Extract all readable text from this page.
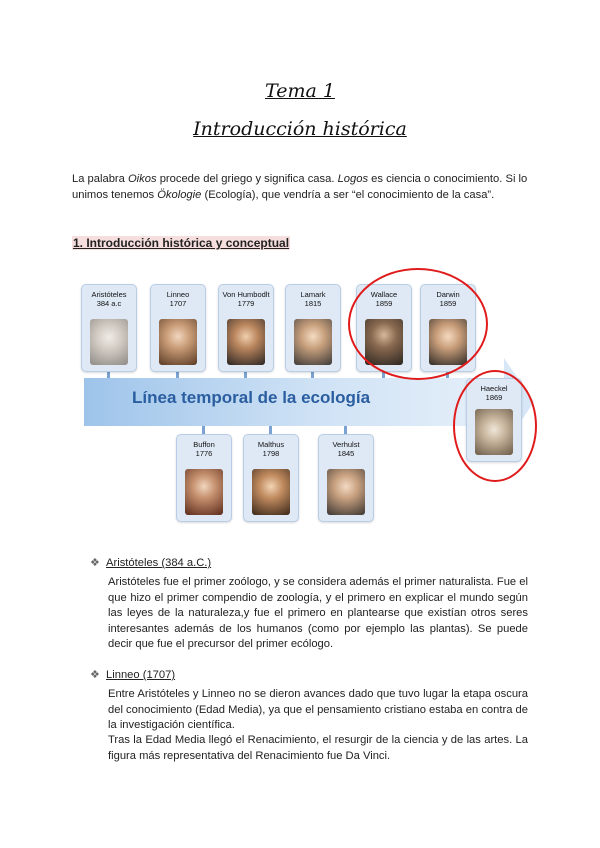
Tema 1
Introducción histórica
La palabra Oikos procede del griego y significa casa. Logos es ciencia o conocimiento. Si lo unimos tenemos Ökologie (Ecología), que vendría a ser “el conocimiento de la casa”.
1. Introducción histórica y conceptual
Línea temporal de la ecología
Aristóteles
384 a.c
Linneo
1707
Von Humbodlt
1779
Lamark
1815
Wallace
1859
Darwin
1859
Haeckel
1869
Buffon
1776
Malthus
1798
Verhulst
1845
❖ Aristóteles (384 a.C.)
Aristóteles fue el primer zoólogo, y se considera además el primer naturalista. Fue el que hizo el primer compendio de zoología, y el primero en explicar el mundo según las leyes de la naturaleza,y fue el primero en plantearse que existían otros seres interesantes además de los humanos (como por ejemplo las plantas). Se puede decir que fue el precursor del primer ecólogo.
❖ Linneo (1707)
Entre Aristóteles y Linneo no se dieron avances dado que tuvo lugar la etapa oscura del conocimiento (Edad Media), ya que el pensamiento cristiano estaba en contra de la investigación científica.
Tras la Edad Media llegó el Renacimiento, el resurgir de la ciencia y de las artes. La figura más representativa del Renacimiento fue Da Vinci.
